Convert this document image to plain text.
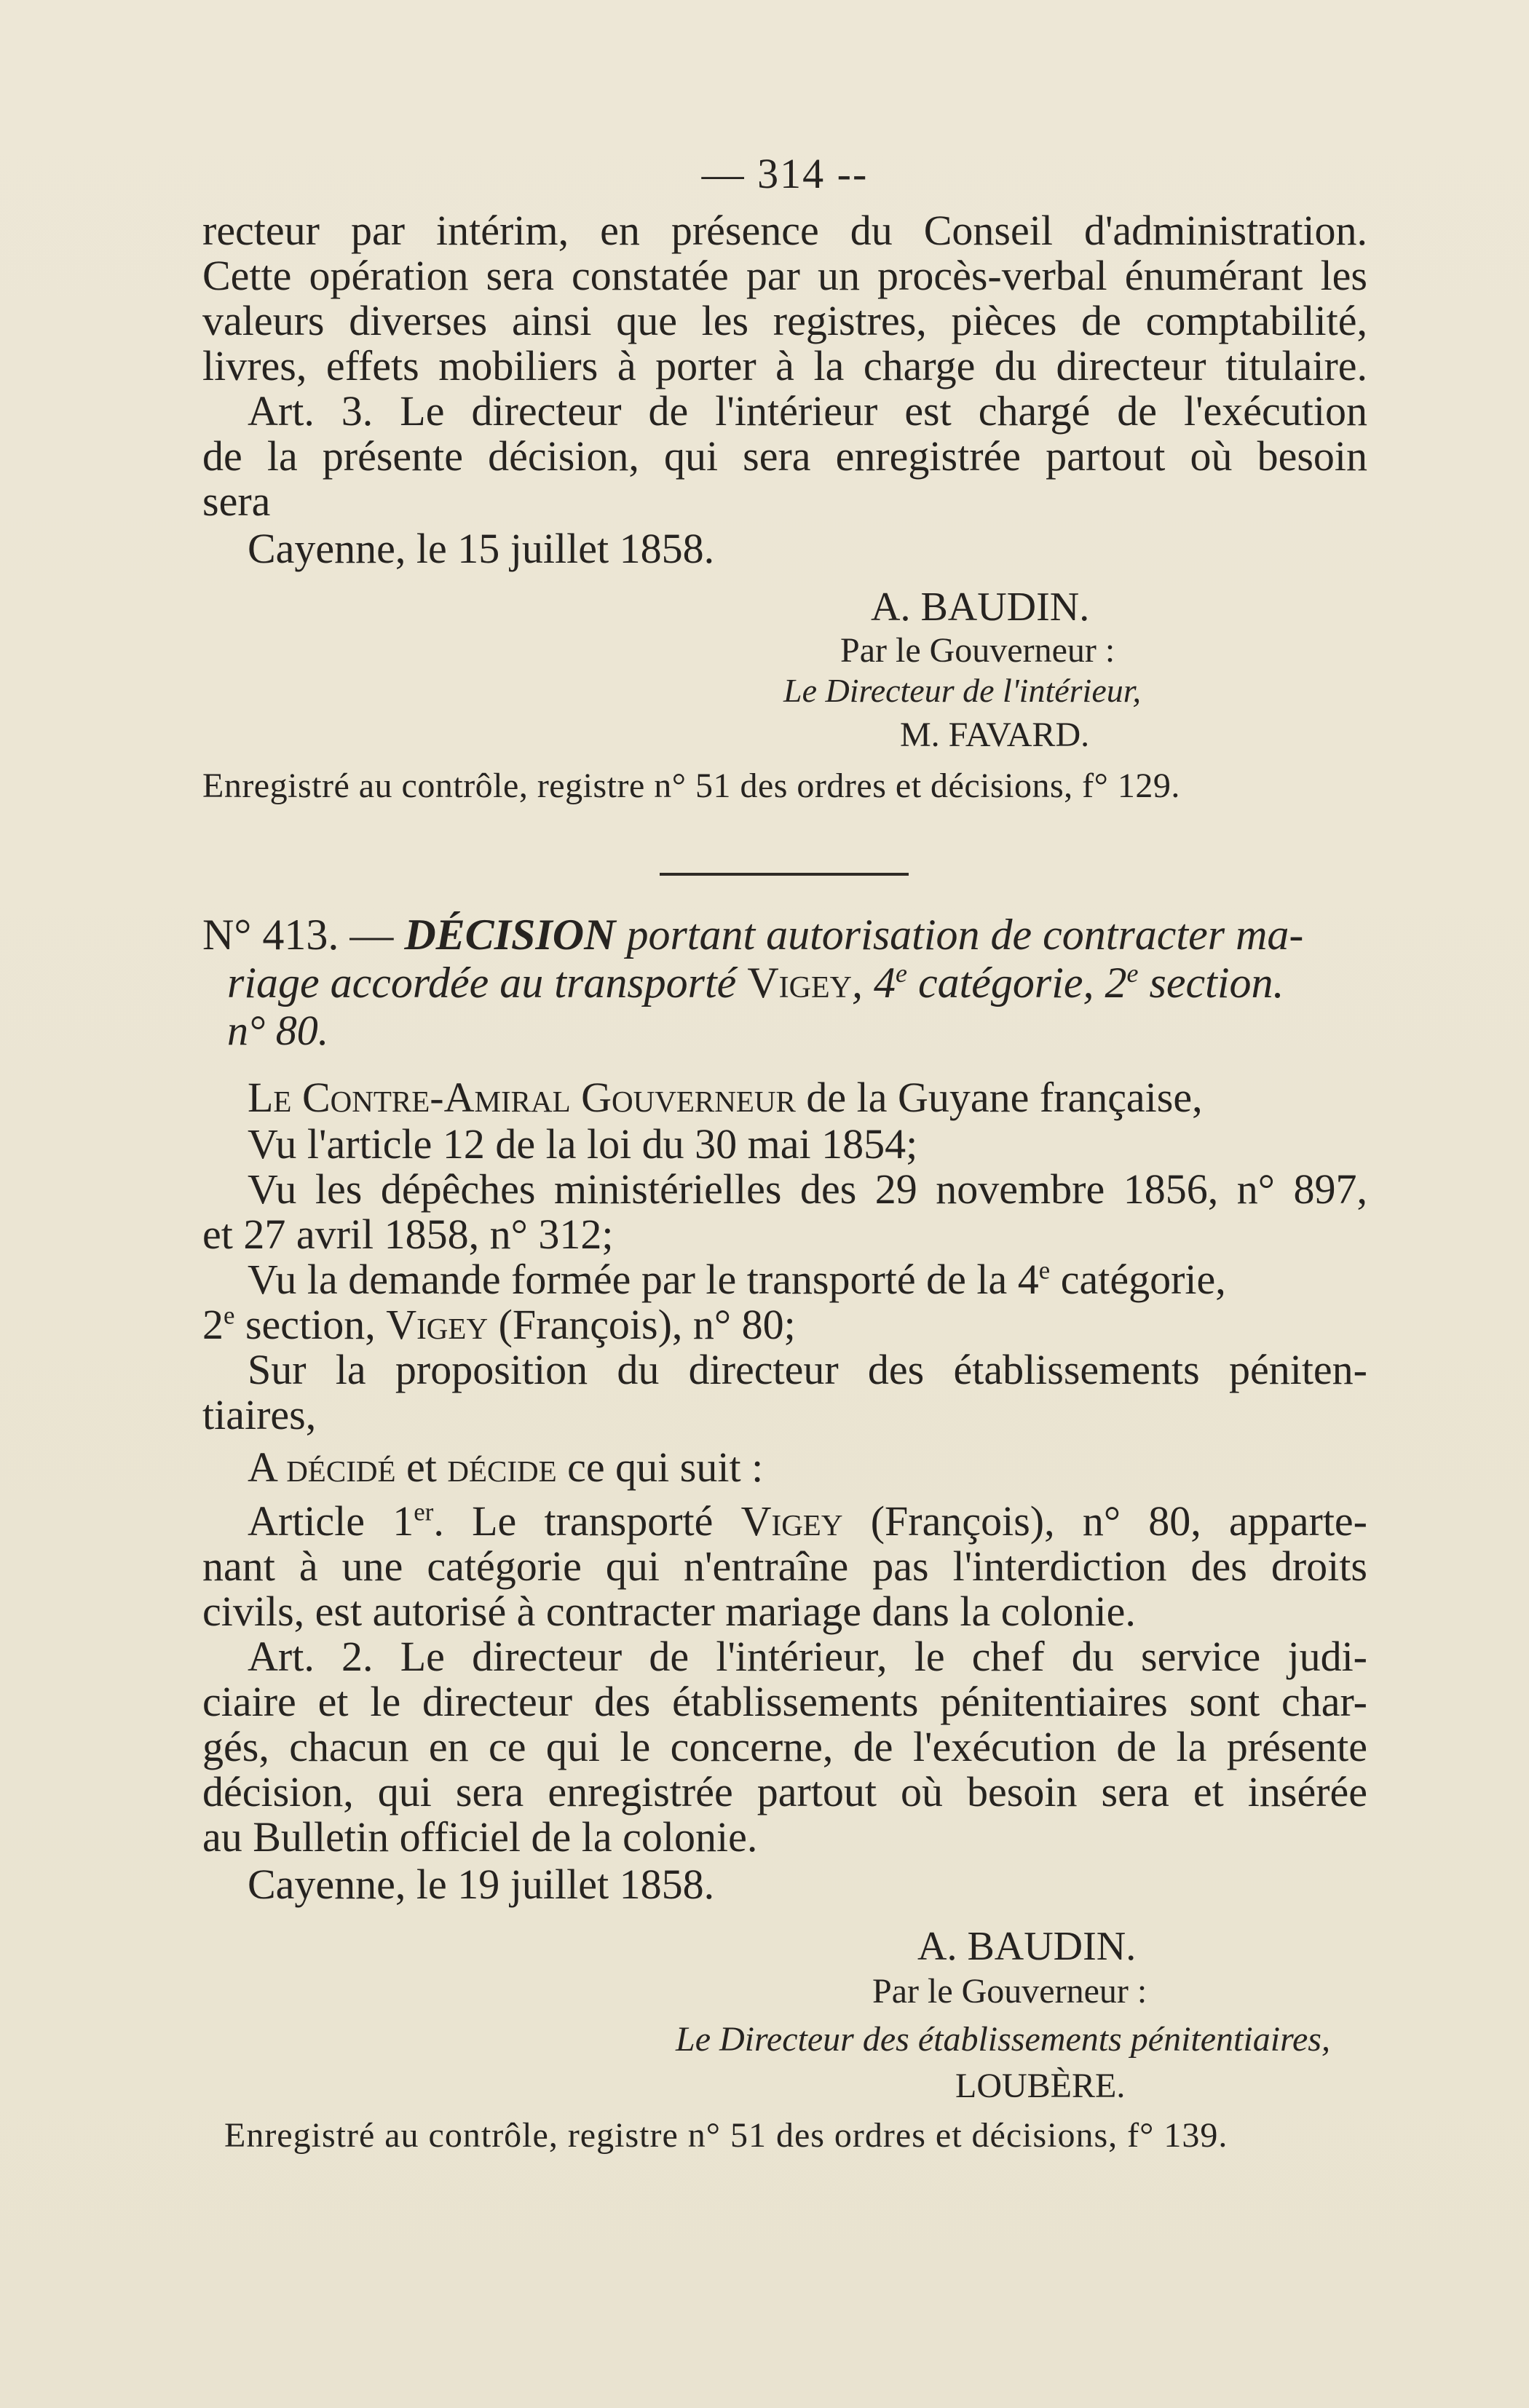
— 314 --
recteur par intérim, en présence du Conseil d'administration.
Cette opération sera constatée par un procès-verbal énumérant les
valeurs diverses ainsi que les registres, pièces de comptabilité,
livres, effets mobiliers à porter à la charge du directeur titulaire.
Art. 3. Le directeur de l'intérieur est chargé de l'exécution
de la présente décision, qui sera enregistrée partout où besoin
sera
Cayenne, le 15 juillet 1858.
A. BAUDIN.
Par le Gouverneur :
Le Directeur de l'intérieur,
M. FAVARD.
Enregistré au contrôle, registre n° 51 des ordres et décisions, f° 129.
N° 413. — DÉCISION portant autorisation de contracter ma-
riage accordée au transporté Vigey, 4e catégorie, 2e section.
n° 80.
Le Contre-Amiral Gouverneur de la Guyane française,
Vu l'article 12 de la loi du 30 mai 1854;
Vu les dépêches ministérielles des 29 novembre 1856, n° 897,
et 27 avril 1858, n° 312;
Vu la demande formée par le transporté de la 4e catégorie,
2e section, Vigey (François), n° 80;
Sur la proposition du directeur des établissements péniten-
tiaires,
A décidé et décide ce qui suit :
Article 1er. Le transporté Vigey (François), n° 80, apparte-
nant à une catégorie qui n'entraîne pas l'interdiction des droits
civils, est autorisé à contracter mariage dans la colonie.
Art. 2. Le directeur de l'intérieur, le chef du service judi-
ciaire et le directeur des établissements pénitentiaires sont char-
gés, chacun en ce qui le concerne, de l'exécution de la présente
décision, qui sera enregistrée partout où besoin sera et insérée
au Bulletin officiel de la colonie.
Cayenne, le 19 juillet 1858.
A. BAUDIN.
Par le Gouverneur :
Le Directeur des établissements pénitentiaires,
LOUBÈRE.
Enregistré au contrôle, registre n° 51 des ordres et décisions, f° 139.
